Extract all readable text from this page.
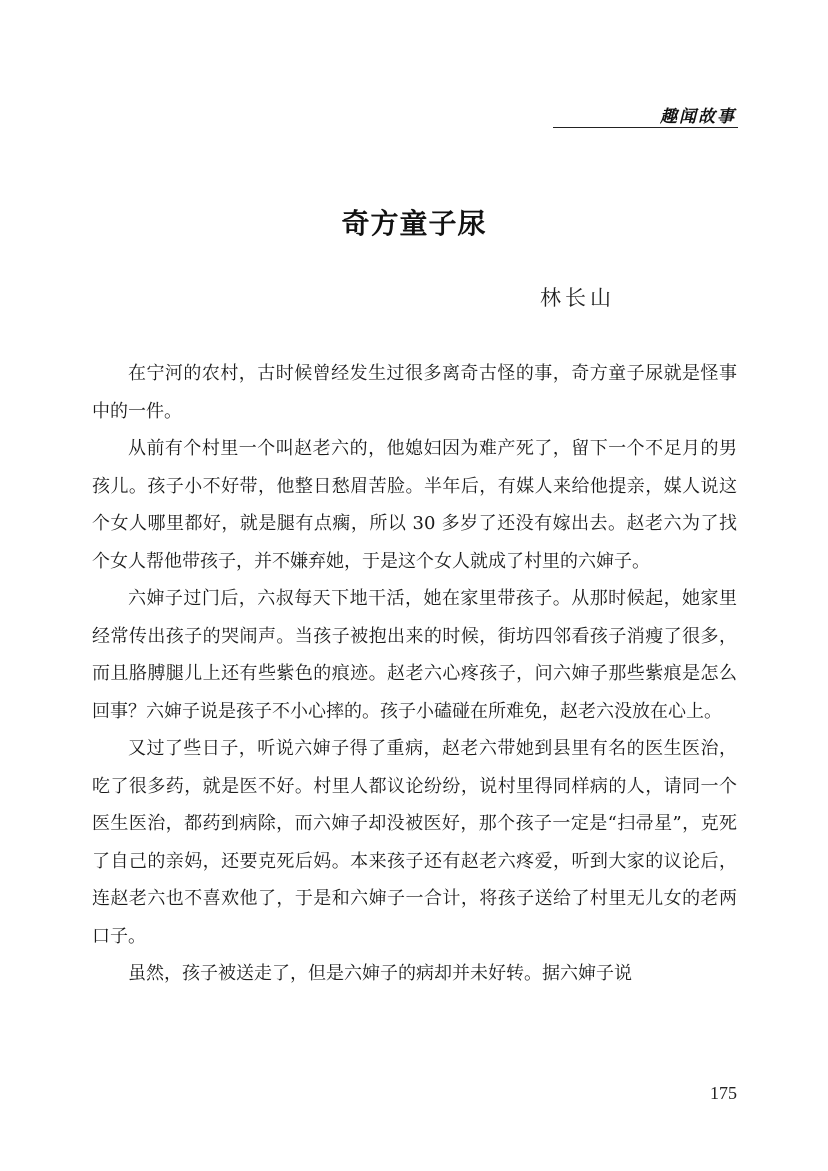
趣闻故事
奇方童子尿
林长山

在宁河的农村，古时候曾经发生过很多离奇古怪的事，奇方童子尿就是怪事中的一件。

从前有个村里一个叫赵老六的，他媳妇因为难产死了，留下一个不足月的男孩儿。孩子小不好带，他整日愁眉苦脸。半年后，有媒人来给他提亲，媒人说这个女人哪里都好，就是腿有点瘸，所以 30 多岁了还没有嫁出去。赵老六为了找个女人帮他带孩子，并不嫌弃她，于是这个女人就成了村里的六婶子。

六婶子过门后，六叔每天下地干活，她在家里带孩子。从那时候起，她家里经常传出孩子的哭闹声。当孩子被抱出来的时候，街坊四邻看孩子消瘦了很多，而且胳膊腿儿上还有些紫色的痕迹。赵老六心疼孩子，问六婶子那些紫痕是怎么回事？六婶子说是孩子不小心摔的。孩子小磕碰在所难免，赵老六没放在心上。

又过了些日子，听说六婶子得了重病，赵老六带她到县里有名的医生医治，吃了很多药，就是医不好。村里人都议论纷纷，说村里得同样病的人，请同一个医生医治，都药到病除，而六婶子却没被医好，那个孩子一定是“扫帚星”，克死了自己的亲妈，还要克死后妈。本来孩子还有赵老六疼爱，听到大家的议论后，连赵老六也不喜欢他了，于是和六婶子一合计，将孩子送给了村里无儿女的老两口子。

虽然，孩子被送走了，但是六婶子的病却并未好转。据六婶子说

175
